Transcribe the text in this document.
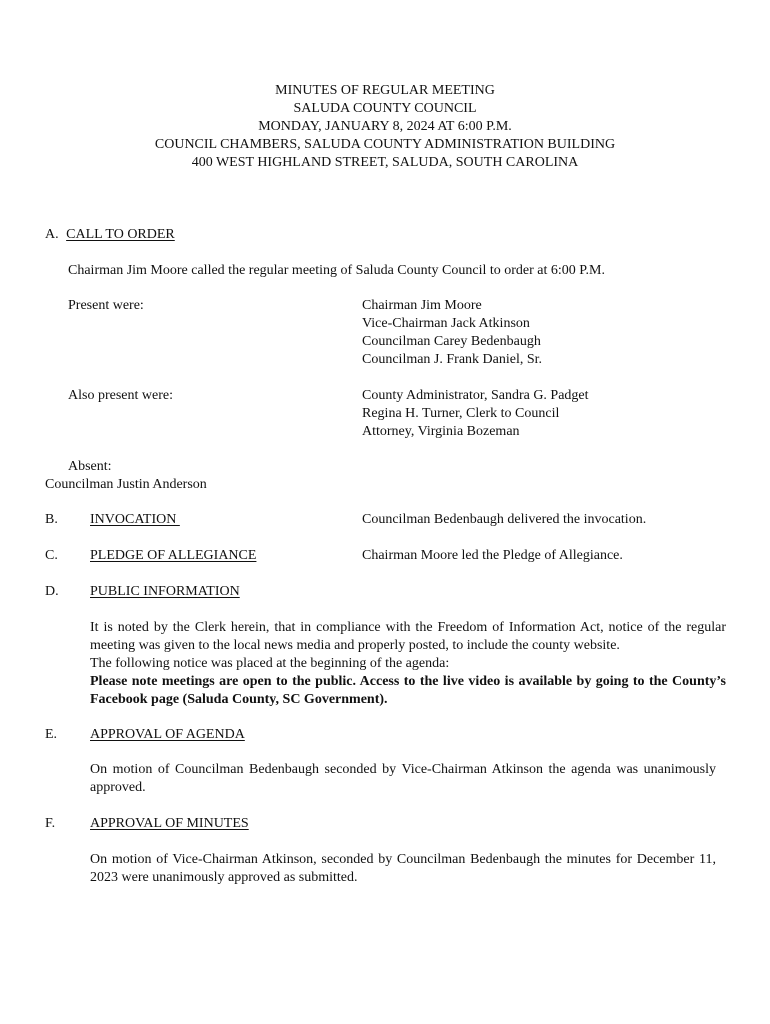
MINUTES OF REGULAR MEETING
SALUDA COUNTY COUNCIL
MONDAY, JANUARY 8, 2024 AT 6:00 P.M.
COUNCIL CHAMBERS, SALUDA COUNTY ADMINISTRATION BUILDING
400 WEST HIGHLAND STREET, SALUDA, SOUTH CAROLINA
A. CALL TO ORDER
Chairman Jim Moore called the regular meeting of Saluda County Council to order at 6:00 P.M.
Present were:	Chairman Jim Moore
Vice-Chairman Jack Atkinson
Councilman Carey Bedenbaugh
Councilman J. Frank Daniel, Sr.
Also present were:	County Administrator, Sandra G. Padget
Regina H. Turner, Clerk to Council
Attorney, Virginia Bozeman
Absent:
Councilman Justin Anderson
B. INVOCATION	Councilman Bedenbaugh delivered the invocation.
C. PLEDGE OF ALLEGIANCE	Chairman Moore led the Pledge of Allegiance.
D. PUBLIC INFORMATION
It is noted by the Clerk herein, that in compliance with the Freedom of Information Act, notice of the regular meeting was given to the local news media and properly posted, to include the county website.
The following notice was placed at the beginning of the agenda:
Please note meetings are open to the public. Access to the live video is available by going to the County’s Facebook page (Saluda County, SC Government).
E. APPROVAL OF AGENDA
On motion of Councilman Bedenbaugh seconded by Vice-Chairman Atkinson the agenda was unanimously approved.
F. APPROVAL OF MINUTES
On motion of Vice-Chairman Atkinson, seconded by Councilman Bedenbaugh the minutes for December 11, 2023 were unanimously approved as submitted.
